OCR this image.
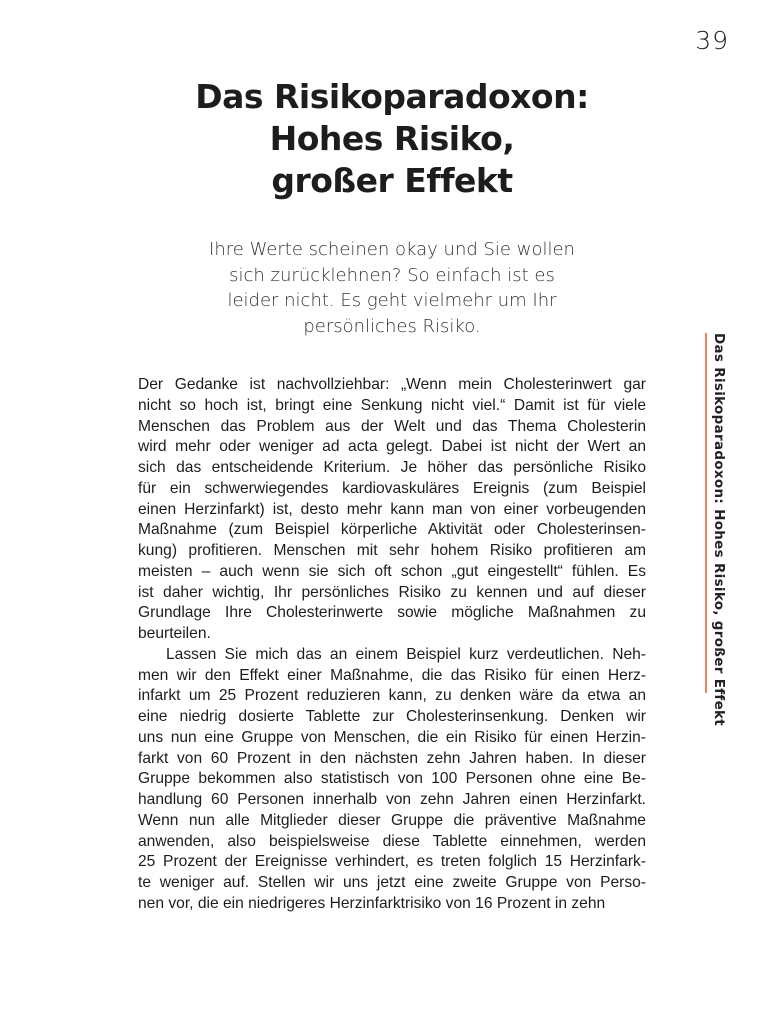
39
Das Risikoparadoxon:
Hohes Risiko,
großer Effekt
Ihre Werte scheinen okay und Sie wollen
sich zurücklehnen? So einfach ist es
leider nicht. Es geht vielmehr um Ihr
persönliches Risiko.
Der Gedanke ist nachvollziehbar: „Wenn mein Cholesterinwert gar
nicht so hoch ist, bringt eine Senkung nicht viel.“ Damit ist für viele
Menschen das Problem aus der Welt und das Thema Cholesterin
wird mehr oder weniger ad acta gelegt. Dabei ist nicht der Wert an
sich das entscheidende Kriterium. Je höher das persönliche Risiko
für ein schwerwiegendes kardiovaskuläres Ereignis (zum Beispiel
einen Herzinfarkt) ist, desto mehr kann man von einer vorbeugenden
Maßnahme (zum Beispiel körperliche Aktivität oder Cholesterinsen-
kung) profitieren. Menschen mit sehr hohem Risiko profitieren am
meisten – auch wenn sie sich oft schon „gut eingestellt“ fühlen. Es
ist daher wichtig, Ihr persönliches Risiko zu kennen und auf dieser
Grundlage Ihre Cholesterinwerte sowie mögliche Maßnahmen zu
beurteilen.
Lassen Sie mich das an einem Beispiel kurz verdeutlichen. Neh-
men wir den Effekt einer Maßnahme, die das Risiko für einen Herz-
infarkt um 25 Prozent reduzieren kann, zu denken wäre da etwa an
eine niedrig dosierte Tablette zur Cholesterinsenkung. Denken wir
uns nun eine Gruppe von Menschen, die ein Risiko für einen Herzin-
farkt von 60 Prozent in den nächsten zehn Jahren haben. In dieser
Gruppe bekommen also statistisch von 100 Personen ohne eine Be-
handlung 60 Personen innerhalb von zehn Jahren einen Herzinfarkt.
Wenn nun alle Mitglieder dieser Gruppe die präventive Maßnahme
anwenden, also beispielsweise diese Tablette einnehmen, werden
25 Prozent der Ereignisse verhindert, es treten folglich 15 Herzinfark-
te weniger auf. Stellen wir uns jetzt eine zweite Gruppe von Perso-
nen vor, die ein niedrigeres Herzinfarktrisiko von 16 Prozent in zehn
Das Risikoparadoxon: Hohes Risiko, großer Effekt
